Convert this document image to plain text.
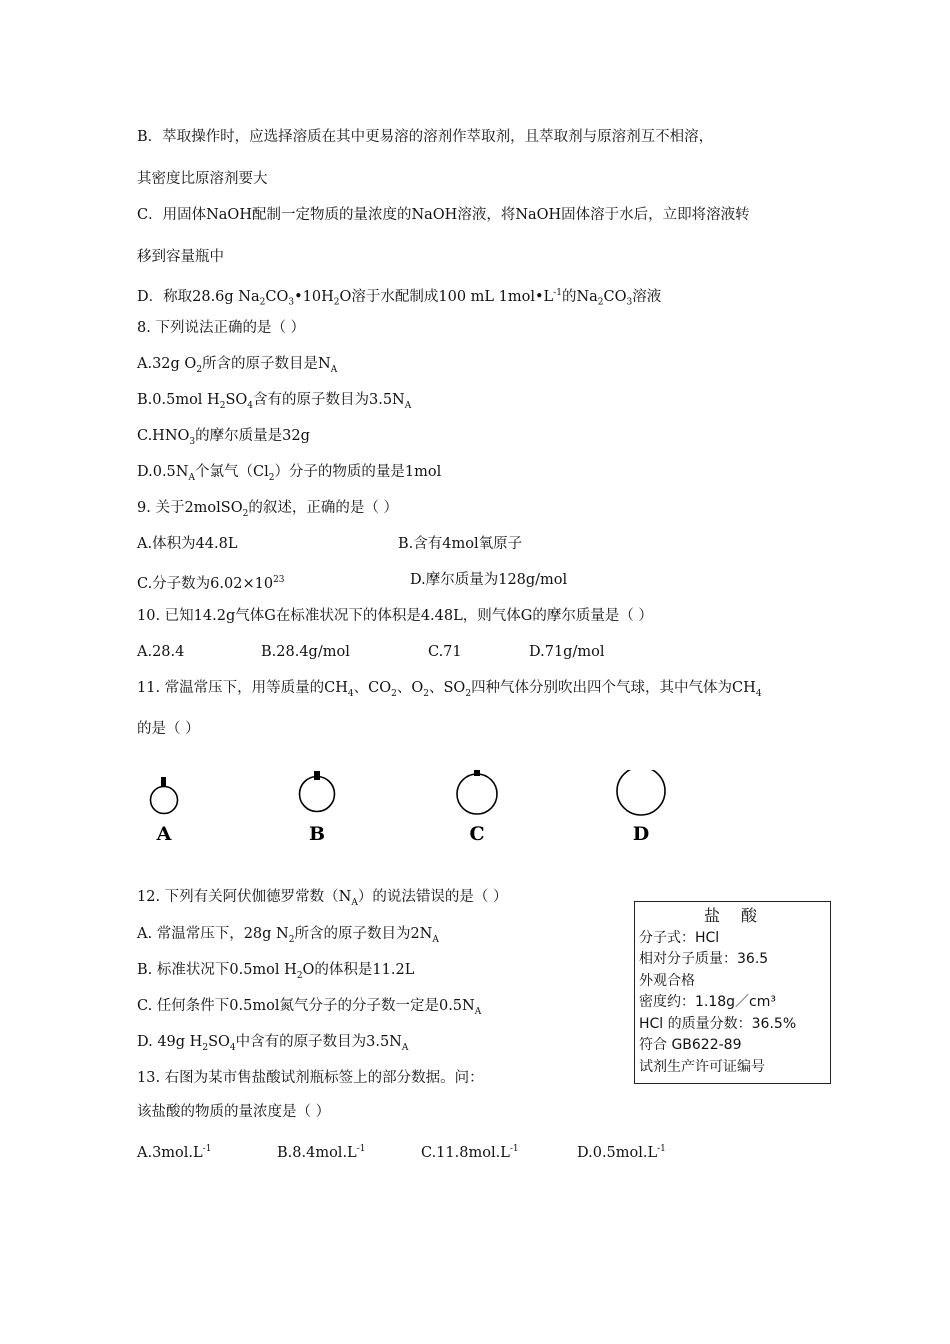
B．萃取操作时，应选择溶质在其中更易溶的溶剂作萃取剂，且萃取剂与原溶剂互不相溶，
其密度比原溶剂要大
C．用固体NaOH配制一定物质的量浓度的NaOH溶液，将NaOH固体溶于水后，立即将溶液转
移到容量瓶中
D．称取28.6g $Na_2CO_3•10H_2O$溶于水配制成100 mL $1mol•L^{-1}$的$Na_2CO_3$溶液
8. 下列说法正确的是（ ）
A.32g $O_2$所含的原子数目是$N_A$
B.0.5mol $H_2SO_4$含有的原子数目为$3.5N_A$
$C.HNO_3$的摩尔质量是32g
$D.0.5N_A$个氯气$(Cl_2)$分子的物质的量是1mol
9. 关于2molSO$_2$的叙述，正确的是（ ）
A.体积为44.8L	B.含有4mol氧原子
C.分子数为$6.02\times 10^{23}$	D.摩尔质量为128g/mol
10. 已知14.2g气体G在标准状况下的体积是4.48L，则气体G的摩尔质量是（ ）
A.28.4	B.28.4g/mol	C.71	D.71g/mol
11. 常温常压下，用等质量的$CH_4$、$CO_2$、$O_2$、$SO_2$四种气体分别吹出四个气球，其中气体为$CH_4$
的是（ ）
A	B	C	D
12. 下列有关阿伏伽德罗常数$(N_A)$的说法错误的是（ ）
A. 常温常压下，28g $N_2$所含的原子数目为$2N_A$
B. 标准状况下0.5mol $H_2O$的体积是11.2L
C. 任何条件下0.5mol氮气分子的分子数一定是$0.5N_A$
D. 49g $H_2SO_4$中含有的原子数目为$3.5N_A$
13. 右图为某市售盐酸试剂瓶标签上的部分数据。问：
该盐酸的物质的量浓度是（ ）
$A.3mol.L^{-1}$	$B.8.4mol.L^{-1}$	$C.11.8mol.L^{-1}$	$D.0.5mol.L^{-1}$
盐 酸
分子式：HCl
相对分子质量：36.5
外观合格
密度约：1.18g／cm³
HCl 的质量分数：36.5%
符合 GB622-89
试剂生产许可证编号
